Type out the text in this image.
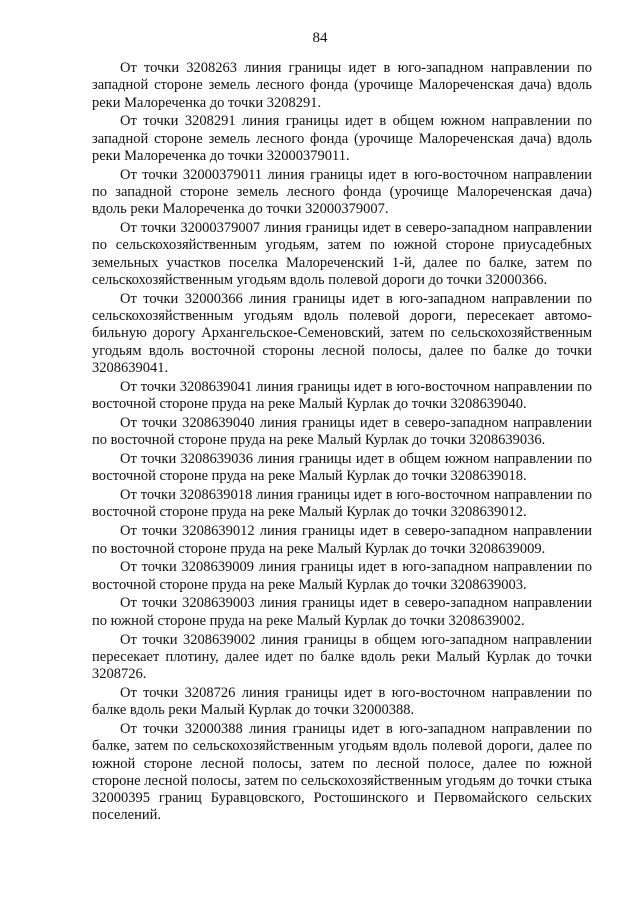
84

От точки 3208263 линия границы идет в юго-западном направлении по западной стороне земель лесного фонда (урочище Малореченская дача) вдоль реки Малореченка до точки 3208291.

От точки 3208291 линия границы идет в общем южном направлении по западной стороне земель лесного фонда (урочище Малореченская дача) вдоль реки Малореченка до точки 32000379011.

От точки 32000379011 линия границы идет в юго-восточном направлении по западной стороне земель лесного фонда (урочище Малореченская дача) вдоль реки Малореченка до точки 32000379007.

От точки 32000379007 линия границы идет в северо-западном направлении по сельскохозяйственным угодьям, затем по южной стороне приусадебных земельных участков поселка Малореченский 1-й, далее по балке, затем по сельскохозяйственным угодьям вдоль полевой дороги до точки 32000366.

От точки 32000366 линия границы идет в юго-западном направлении по сельскохозяйственным угодьям вдоль полевой дороги, пересекает автомобильную дорогу Архангельское-Семеновский, затем по сельскохозяйственным угодьям вдоль восточной стороны лесной полосы, далее по балке до точки 3208639041.

От точки 3208639041 линия границы идет в юго-восточном направлении по восточной стороне пруда на реке Малый Курлак до точки 3208639040.

От точки 3208639040 линия границы идет в северо-западном направлении по восточной стороне пруда на реке Малый Курлак до точки 3208639036.

От точки 3208639036 линия границы идет в общем южном направлении по восточной стороне пруда на реке Малый Курлак до точки 3208639018.

От точки 3208639018 линия границы идет в юго-восточном направлении по восточной стороне пруда на реке Малый Курлак до точки 3208639012.

От точки 3208639012 линия границы идет в северо-западном направлении по восточной стороне пруда на реке Малый Курлак до точки 3208639009.

От точки 3208639009 линия границы идет в юго-западном направлении по восточной стороне пруда на реке Малый Курлак до точки 3208639003.

От точки 3208639003 линия границы идет в северо-западном направлении по южной стороне пруда на реке Малый Курлак до точки 3208639002.

От точки 3208639002 линия границы в общем юго-западном направлении пересекает плотину, далее идет по балке вдоль реки Малый Курлак до точки 3208726.

От точки 3208726 линия границы идет в юго-восточном направлении по балке вдоль реки Малый Курлак до точки 32000388.

От точки 32000388 линия границы идет в юго-западном направлении по балке, затем по сельскохозяйственным угодьям вдоль полевой дороги, далее по южной стороне лесной полосы, затем по лесной полосе, далее по южной стороне лесной полосы, затем по сельскохозяйственным угодьям до точки стыка 32000395 границ Буравцовского, Ростошинского и Первомайского сельских поселений.
